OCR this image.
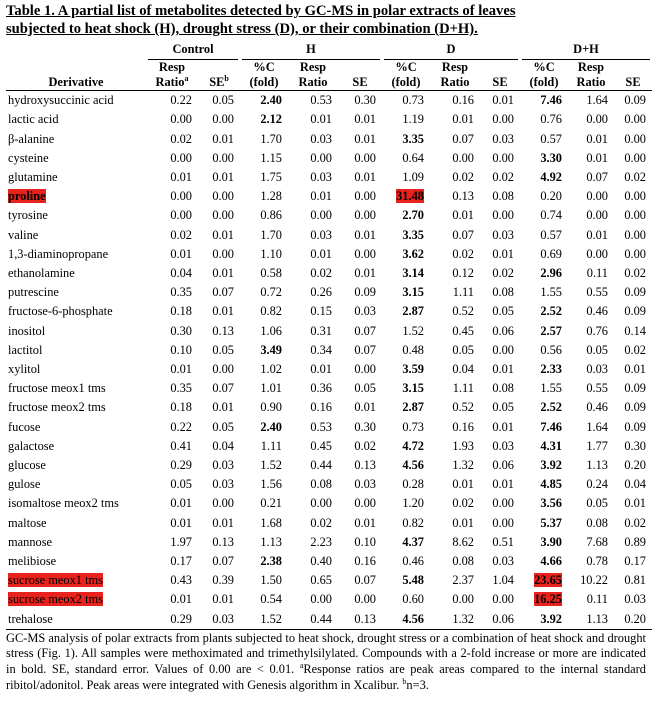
Table 1. A partial list of metabolites detected by GC-MS in polar extracts of leaves
subjected to heat shock (H), drought stress (D), or their combination (D+H).

	Control		H			D			D+H		

	Resp		%C	Resp		%C	Resp		%C	Resp	
Derivative	Ratio$^a$	$SE^b$	(fold)	Ratio	SE	(fold)	Ratio	SE	(fold)	Ratio	SE
hydroxysuccinic acid	0.22	0.05	2.40	0.53	0.30	0.73	0.16	0.01	7.46	1.64	0.09
lactic acid	0.00	0.00	2.12	0.01	0.01	1.19	0.01	0.00	0.76	0.00	0.00
β-alanine	0.02	0.01	1.70	0.03	0.01	3.35	0.07	0.03	0.57	0.01	0.00
cysteine	0.00	0.00	1.15	0.00	0.00	0.64	0.00	0.00	3.30	0.01	0.00
glutamine	0.01	0.01	1.75	0.03	0.01	1.09	0.02	0.02	4.92	0.07	0.02
proline	0.00	0.00	1.28	0.01	0.00	31.48	0.13	0.08	0.20	0.00	0.00
tyrosine	0.00	0.00	0.86	0.00	0.00	2.70	0.01	0.00	0.74	0.00	0.00
valine	0.02	0.01	1.70	0.03	0.01	3.35	0.07	0.03	0.57	0.01	0.00
1,3-diaminopropane	0.01	0.00	1.10	0.01	0.00	3.62	0.02	0.01	0.69	0.00	0.00
ethanolamine	0.04	0.01	0.58	0.02	0.01	3.14	0.12	0.02	2.96	0.11	0.02
putrescine	0.35	0.07	0.72	0.26	0.09	3.15	1.11	0.08	1.55	0.55	0.09
fructose-6-phosphate	0.18	0.01	0.82	0.15	0.03	2.87	0.52	0.05	2.52	0.46	0.09
inositol	0.30	0.13	1.06	0.31	0.07	1.52	0.45	0.06	2.57	0.76	0.14
lactitol	0.10	0.05	3.49	0.34	0.07	0.48	0.05	0.00	0.56	0.05	0.02
xylitol	0.01	0.00	1.02	0.01	0.00	3.59	0.04	0.01	2.33	0.03	0.01
fructose meox1 tms	0.35	0.07	1.01	0.36	0.05	3.15	1.11	0.08	1.55	0.55	0.09
fructose meox2 tms	0.18	0.01	0.90	0.16	0.01	2.87	0.52	0.05	2.52	0.46	0.09
fucose	0.22	0.05	2.40	0.53	0.30	0.73	0.16	0.01	7.46	1.64	0.09
galactose	0.41	0.04	1.11	0.45	0.02	4.72	1.93	0.03	4.31	1.77	0.30
glucose	0.29	0.03	1.52	0.44	0.13	4.56	1.32	0.06	3.92	1.13	0.20
gulose	0.05	0.03	1.56	0.08	0.03	0.28	0.01	0.01	4.85	0.24	0.04
isomaltose meox2 tms	0.01	0.00	0.21	0.00	0.00	1.20	0.02	0.00	3.56	0.05	0.01
maltose	0.01	0.01	1.68	0.02	0.01	0.82	0.01	0.00	5.37	0.08	0.02
mannose	1.97	0.13	1.13	2.23	0.10	4.37	8.62	0.51	3.90	7.68	0.89
melibiose	0.17	0.07	2.38	0.40	0.16	0.46	0.08	0.03	4.66	0.78	0.17
sucrose meox1 tms	0.43	0.39	1.50	0.65	0.07	5.48	2.37	1.04	23.65	10.22	0.81
sucrose meox2 tms	0.01	0.01	0.54	0.00	0.00	0.60	0.00	0.00	16.25	0.11	0.03
trehalose	0.29	0.03	1.52	0.44	0.13	4.56	1.32	0.06	3.92	1.13	0.20
GC-MS analysis of polar extracts from plants subjected to heat shock, drought stress or a combination of heat shock and drought stress (Fig. 1). All samples were methoximated and trimethylsilylated. Compounds with a 2-fold increase or more are indicated in bold. SE, standard error. Values of 0.00 are < 0.01. $^a$Response ratios are peak areas compared to the internal standard ribitol/adonitol. Peak areas were integrated with Genesis algorithm in Xcalibur. $^b$n=3.
